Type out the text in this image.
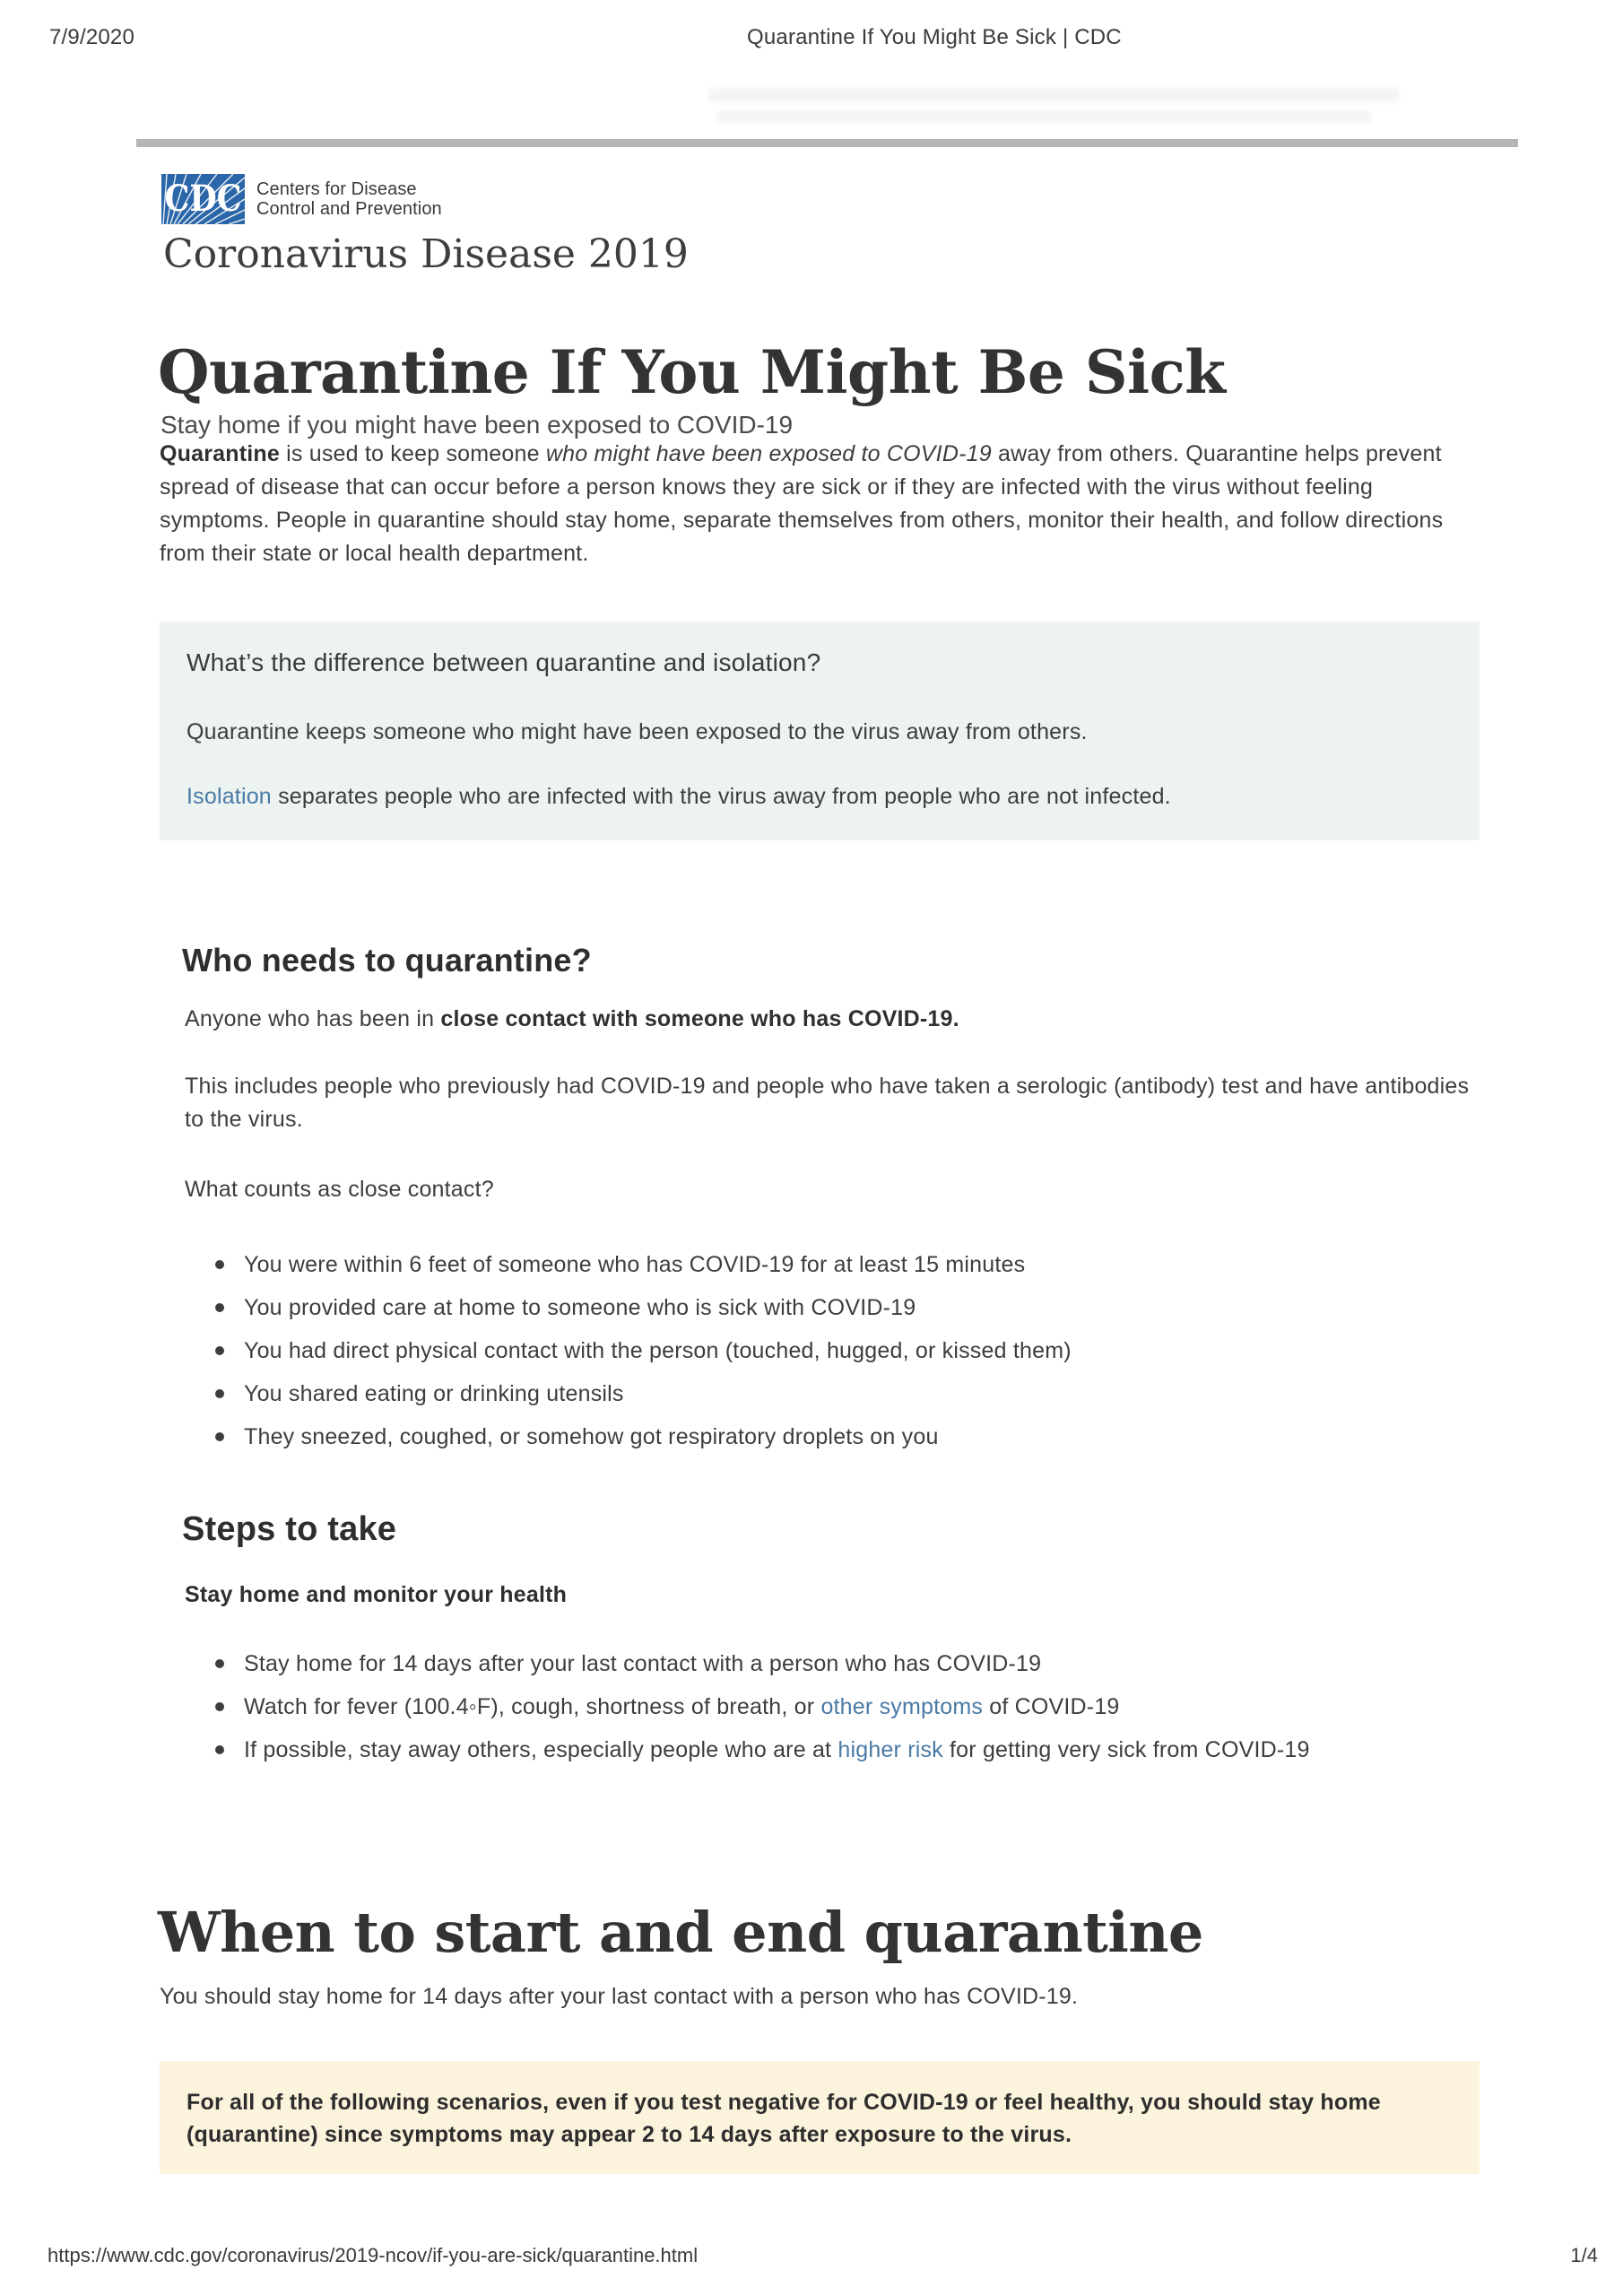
7/9/2020	Quarantine If You Might Be Sick | CDC
CDC Centers for Disease
Control and Prevention
Coronavirus Disease 2019
Quarantine If You Might Be Sick
Stay home if you might have been exposed to COVID-19

Quarantine is used to keep someone who might have been exposed to COVID-19 away from others. Quarantine helps prevent spread of disease that can occur before a person knows they are sick or if they are infected with the virus without feeling symptoms. People in quarantine should stay home, separate themselves from others, monitor their health, and follow directions from their state or local health department.

What’s the difference between quarantine and isolation?

Quarantine keeps someone who might have been exposed to the virus away from others.

Isolation separates people who are infected with the virus away from people who are not infected.

Who needs to quarantine?

Anyone who has been in close contact with someone who has COVID-19.

This includes people who previously had COVID-19 and people who have taken a serologic (antibody) test and have antibodies to the virus.

What counts as close contact?

You were within 6 feet of someone who has COVID-19 for at least 15 minutes
You provided care at home to someone who is sick with COVID-19
You had direct physical contact with the person (touched, hugged, or kissed them)
You shared eating or drinking utensils
They sneezed, coughed, or somehow got respiratory droplets on you
Steps to take
Stay home and monitor your health
Stay home for 14 days after your last contact with a person who has COVID-19
Watch for fever (100.4◦F), cough, shortness of breath, or other symptoms of COVID-19
If possible, stay away others, especially people who are at higher risk for getting very sick from COVID-19
When to start and end quarantine

You should stay home for 14 days after your last contact with a person who has COVID-19.

For all of the following scenarios, even if you test negative for COVID-19 or feel healthy, you should stay home (quarantine) since symptoms may appear 2 to 14 days after exposure to the virus.

https://www.cdc.gov/coronavirus/2019-ncov/if-you-are-sick/quarantine.html	1/4
